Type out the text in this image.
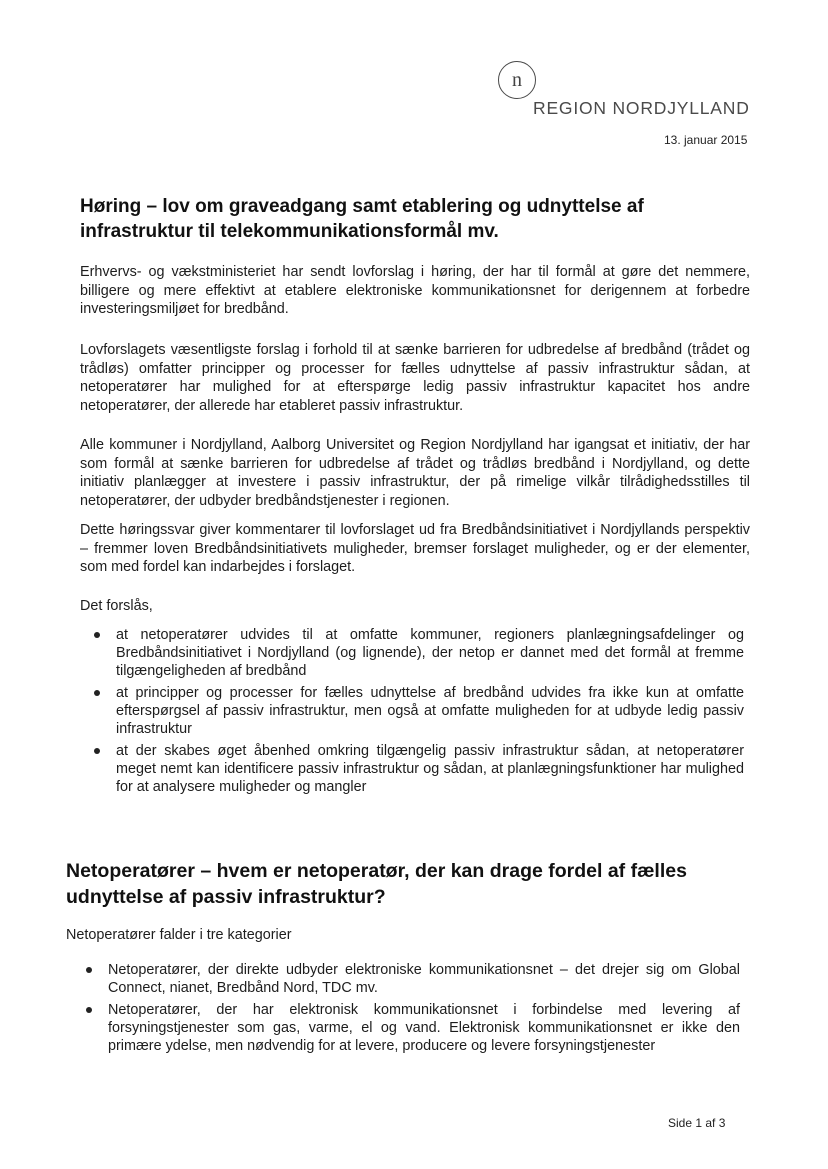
n
REGION NORDJYLLAND
13. januar 2015
Høring – lov om graveadgang samt etablering og udnyttelse af infrastruktur til telekommunikationsformål mv.
Erhvervs- og vækstministeriet har sendt lovforslag i høring, der har til formål at gøre det nemmere, billigere og mere effektivt at etablere elektroniske kommunikationsnet for derigennem at forbedre investeringsmiljøet for bredbånd.
Lovforslagets væsentligste forslag i forhold til at sænke barrieren for udbredelse af bredbånd (trådet og trådløs) omfatter principper og processer for fælles udnyttelse af passiv infrastruktur sådan, at netoperatører har mulighed for at efterspørge ledig passiv infrastruktur kapacitet hos andre netoperatører, der allerede har etableret passiv infrastruktur.
Alle kommuner i Nordjylland, Aalborg Universitet og Region Nordjylland har igangsat et initiativ, der har som formål at sænke barrieren for udbredelse af trådet og trådløs bredbånd i Nordjylland, og dette initiativ planlægger at investere i passiv infrastruktur, der på rimelige vilkår tilrådighedsstilles til netoperatører, der udbyder bredbåndstjenester i regionen.
Dette høringssvar giver kommentarer til lovforslaget ud fra Bredbåndsinitiativet i Nordjyllands perspektiv – fremmer loven Bredbåndsinitiativets muligheder, bremser forslaget muligheder, og er der elementer, som med fordel kan indarbejdes i forslaget.
Det forslås,
at netoperatører udvides til at omfatte kommuner, regioners planlægningsafdelinger og Bredbåndsinitiativet i Nordjylland (og lignende), der netop er dannet med det formål at fremme tilgængeligheden af bredbånd
at principper og processer for fælles udnyttelse af bredbånd udvides fra ikke kun at omfatte efterspørgsel af passiv infrastruktur, men også at omfatte muligheden for at udbyde ledig passiv infrastruktur
at der skabes øget åbenhed omkring tilgængelig passiv infrastruktur sådan, at netoperatører meget nemt kan identificere passiv infrastruktur og sådan, at planlægningsfunktioner har mulighed for at analysere muligheder og mangler
Netoperatører – hvem er netoperatør, der kan drage fordel af fælles udnyttelse af passiv infrastruktur?
Netoperatører falder i tre kategorier
Netoperatører, der direkte udbyder elektroniske kommunikationsnet – det drejer sig om Global Connect, nianet, Bredbånd Nord, TDC mv.
Netoperatører, der har elektronisk kommunikationsnet i forbindelse med levering af forsyningstjenester som gas, varme, el og vand. Elektronisk kommunikationsnet er ikke den primære ydelse, men nødvendig for at levere, producere og levere forsyningstjenester
Side 1 af 3
